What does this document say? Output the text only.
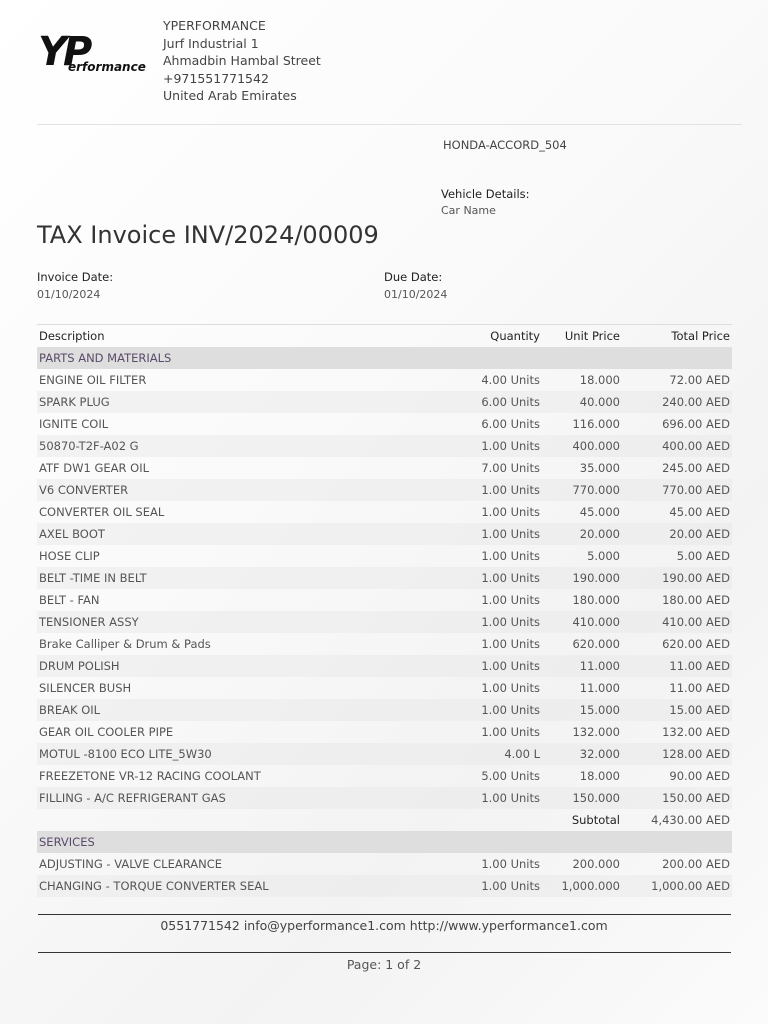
YP
erformance
YPERFORMANCE
Jurf Industrial 1
Ahmadbin Hambal Street
+971551771542
United Arab Emirates
HONDA-ACCORD_504
Vehicle Details:
Car Name
TAX Invoice INV/2024/00009
Invoice Date:
01/10/2024
Due Date:
01/10/2024
Description	Quantity	Unit Price	Total Price
PARTS AND MATERIALS			
ENGINE OIL FILTER	4.00 Units	18.000	72.00 AED
SPARK PLUG	6.00 Units	40.000	240.00 AED
IGNITE COIL	6.00 Units	116.000	696.00 AED
50870-T2F-A02 G	1.00 Units	400.000	400.00 AED
ATF DW1 GEAR OIL	7.00 Units	35.000	245.00 AED
V6 CONVERTER	1.00 Units	770.000	770.00 AED
CONVERTER OIL SEAL	1.00 Units	45.000	45.00 AED
AXEL BOOT	1.00 Units	20.000	20.00 AED
HOSE CLIP	1.00 Units	5.000	5.00 AED
BELT -TIME IN BELT	1.00 Units	190.000	190.00 AED
BELT - FAN	1.00 Units	180.000	180.00 AED
TENSIONER ASSY	1.00 Units	410.000	410.00 AED
Brake Calliper & Drum & Pads	1.00 Units	620.000	620.00 AED
DRUM POLISH	1.00 Units	11.000	11.00 AED
SILENCER BUSH	1.00 Units	11.000	11.00 AED
BREAK OIL	1.00 Units	15.000	15.00 AED
GEAR OIL COOLER PIPE	1.00 Units	132.000	132.00 AED
MOTUL -8100 ECO LITE_5W30	4.00 L	32.000	128.00 AED
FREEZETONE VR-12 RACING COOLANT	5.00 Units	18.000	90.00 AED
FILLING - A/C REFRIGERANT GAS	1.00 Units	150.000	150.00 AED
		Subtotal	4,430.00 AED
SERVICES			
ADJUSTING - VALVE CLEARANCE	1.00 Units	200.000	200.00 AED
CHANGING - TORQUE CONVERTER SEAL	1.00 Units	1,000.000	1,000.00 AED

0551771542 info@yperformance1.com http://www.yperformance1.com
Page: 1 of 2
